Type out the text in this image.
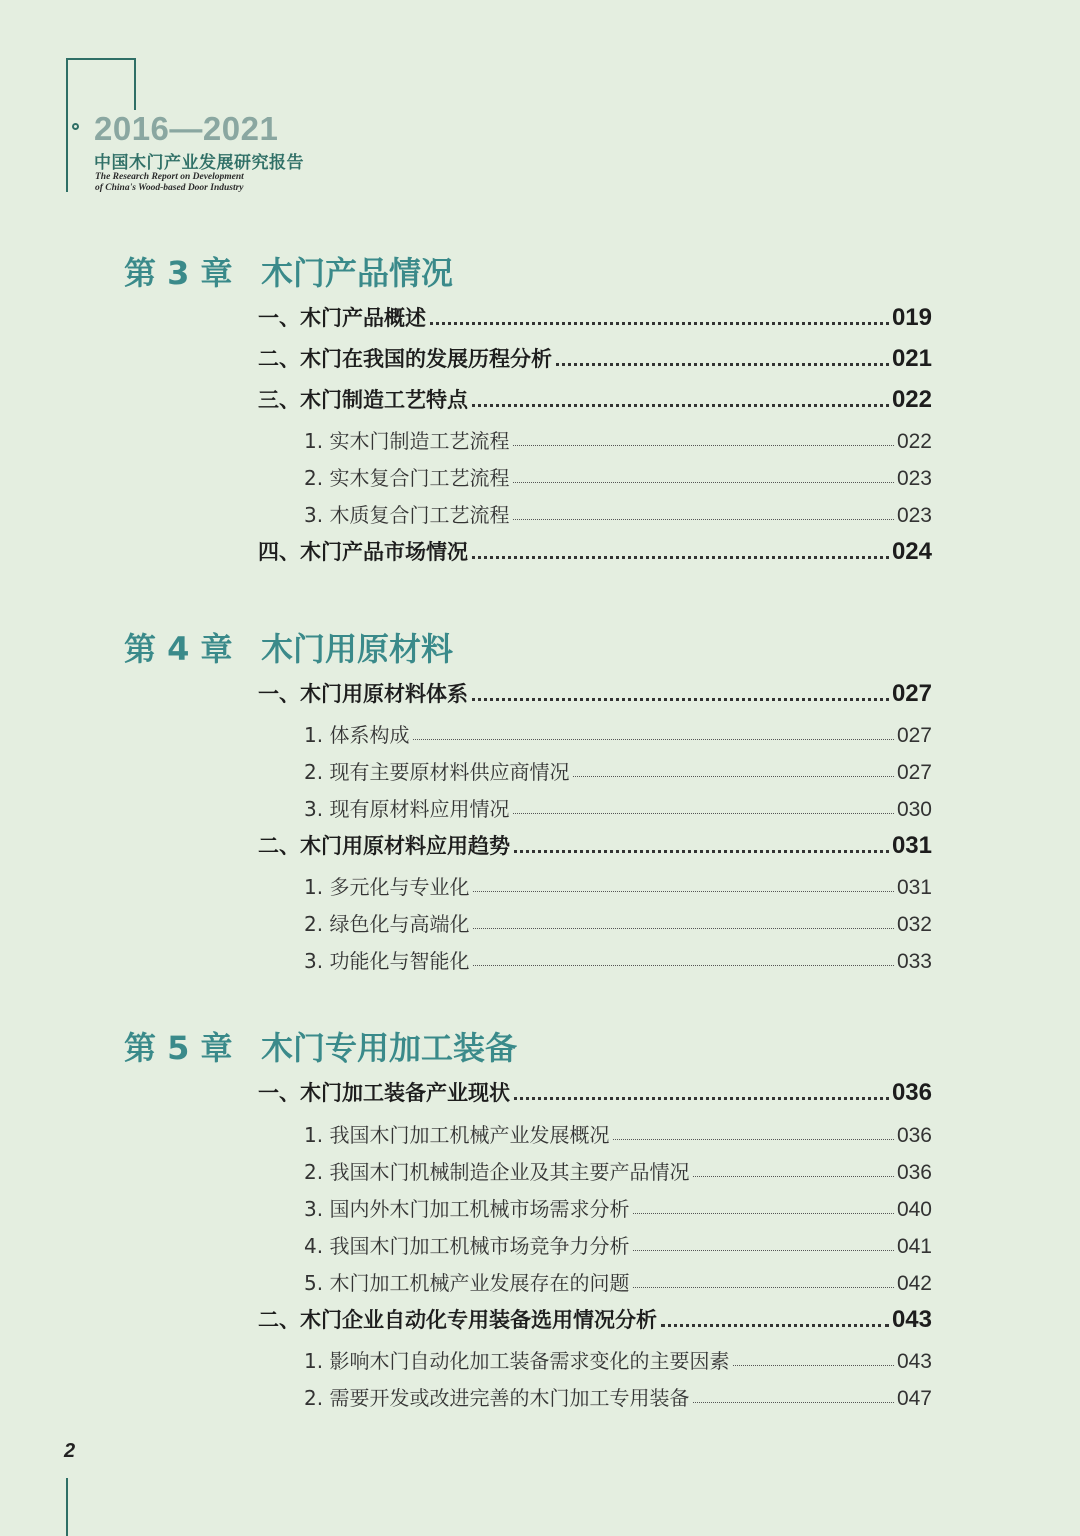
2016—2021
中国木门产业发展研究报告
The Research Report on Development
of China's Wood-based Door Industry
第 3 章 木门产品情况
一、木门产品概述	019
二、木门在我国的发展历程分析	021
三、木门制造工艺特点	022
1. 实木门制造工艺流程	022
2. 实木复合门工艺流程	023
3. 木质复合门工艺流程	023
四、木门产品市场情况	024
第 4 章 木门用原材料
一、木门用原材料体系	027
1. 体系构成	027
2. 现有主要原材料供应商情况	027
3. 现有原材料应用情况	030
二、木门用原材料应用趋势	031
1. 多元化与专业化	031
2. 绿色化与高端化	032
3. 功能化与智能化	033
第 5 章 木门专用加工装备
一、木门加工装备产业现状	036
1. 我国木门加工机械产业发展概况	036
2. 我国木门机械制造企业及其主要产品情况	036
3. 国内外木门加工机械市场需求分析	040
4. 我国木门加工机械市场竞争力分析	041
5. 木门加工机械产业发展存在的问题	042
二、木门企业自动化专用装备选用情况分析	043
1. 影响木门自动化加工装备需求变化的主要因素	043
2. 需要开发或改进完善的木门加工专用装备	047
2
